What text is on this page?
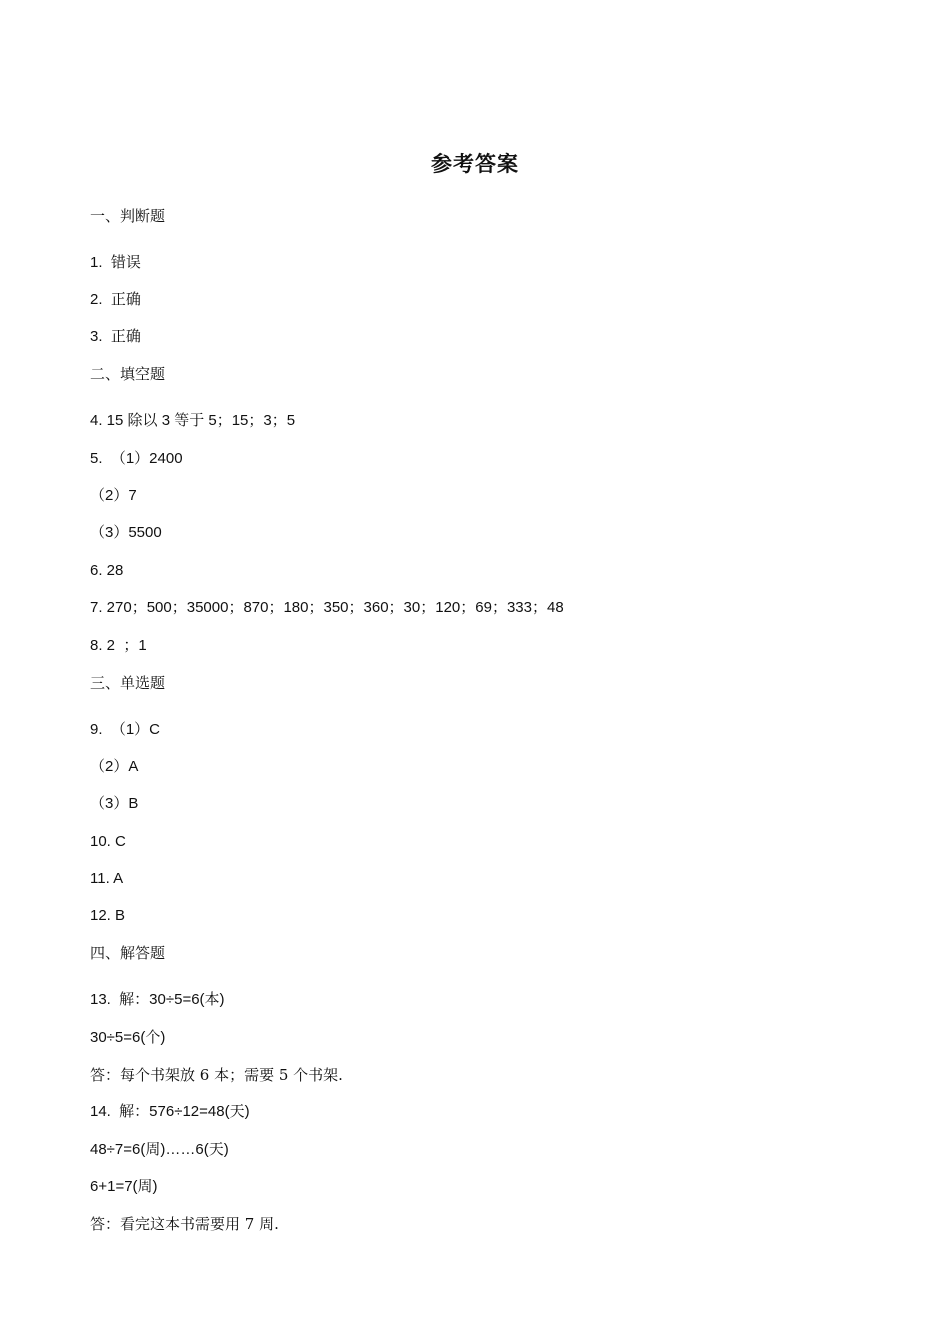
参考答案

一、判断题

1.  错误

2.  正确

3.  正确

二、填空题

4. 15 除以 3 等于 5；15；3；5

5.  （1）2400

（2）7

（3）5500

6. 28

7. 270；500；35000；870；180；350；360；30；120；69；333；48

8. 2  ；1

三、单选题

9.  （1）C

（2）A

（3）B

10. C

11. A

12. B

四、解答题

13.  解：30÷5=6(本)

30÷5=6(个)

答：每个书架放 6 本；需要 5 个书架.

14.  解：576÷12=48(天)

48÷7=6(周)……6(天)

6+1=7(周)

答：看完这本书需要用 7 周.
